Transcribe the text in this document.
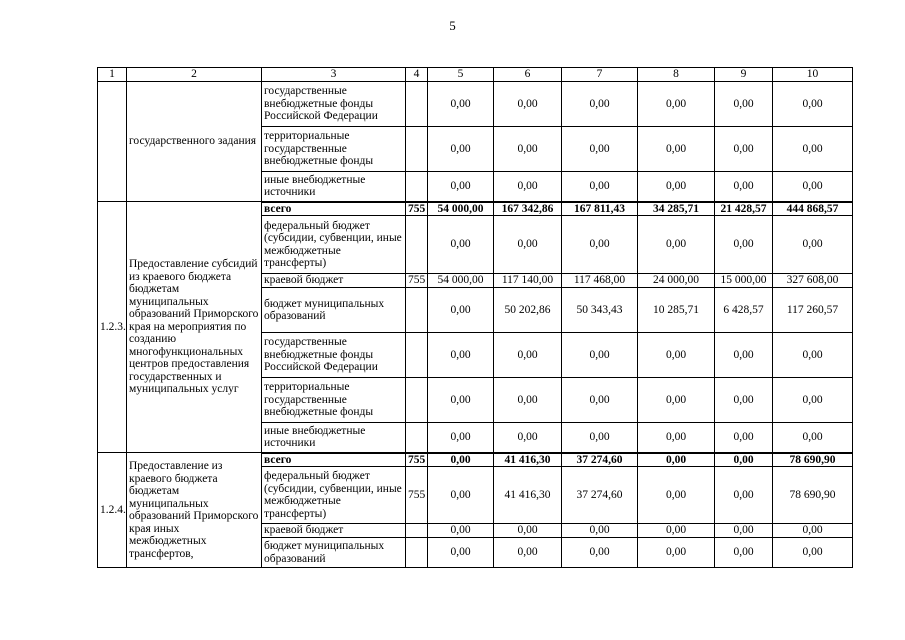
5
1	2	3	4	5	6	7	8	9	10
	государственного задания	государственные внебюджетные фонды Российской Федерации		0,00	0,00	0,00	0,00	0,00	0,00
		территориальные государственные внебюджетные фонды		0,00	0,00	0,00	0,00	0,00	0,00
		иные внебюджетные источники		0,00	0,00	0,00	0,00	0,00	0,00
1.2.3.	Предоставление субсидий из краевого бюджета бюджетам муниципальных образований Приморского края на мероприятия по созданию многофункциональных центров предоставления государственных и муниципальных услуг	всего	755	54 000,00	167 342,86	167 811,43	34 285,71	21 428,57	444 868,57
		федеральный бюджет (субсидии, субвенции, иные межбюджетные трансферты)		0,00	0,00	0,00	0,00	0,00	0,00
		краевой бюджет	755	54 000,00	117 140,00	117 468,00	24 000,00	15 000,00	327 608,00
		бюджет муниципальных образований		0,00	50 202,86	50 343,43	10 285,71	6 428,57	117 260,57
		государственные внебюджетные фонды Российской Федерации		0,00	0,00	0,00	0,00	0,00	0,00
		территориальные государственные внебюджетные фонды		0,00	0,00	0,00	0,00	0,00	0,00
		иные внебюджетные источники		0,00	0,00	0,00	0,00	0,00	0,00
1.2.4.	Предоставление из краевого бюджета бюджетам муниципальных образований Приморского края иных межбюджетных трансфертов,	всего	755	0,00	41 416,30	37 274,60	0,00	0,00	78 690,90
		федеральный бюджет (субсидии, субвенции, иные межбюджетные трансферты)	755	0,00	41 416,30	37 274,60	0,00	0,00	78 690,90
		краевой бюджет		0,00	0,00	0,00	0,00	0,00	0,00
		бюджет муниципальных образований		0,00	0,00	0,00	0,00	0,00	0,00
